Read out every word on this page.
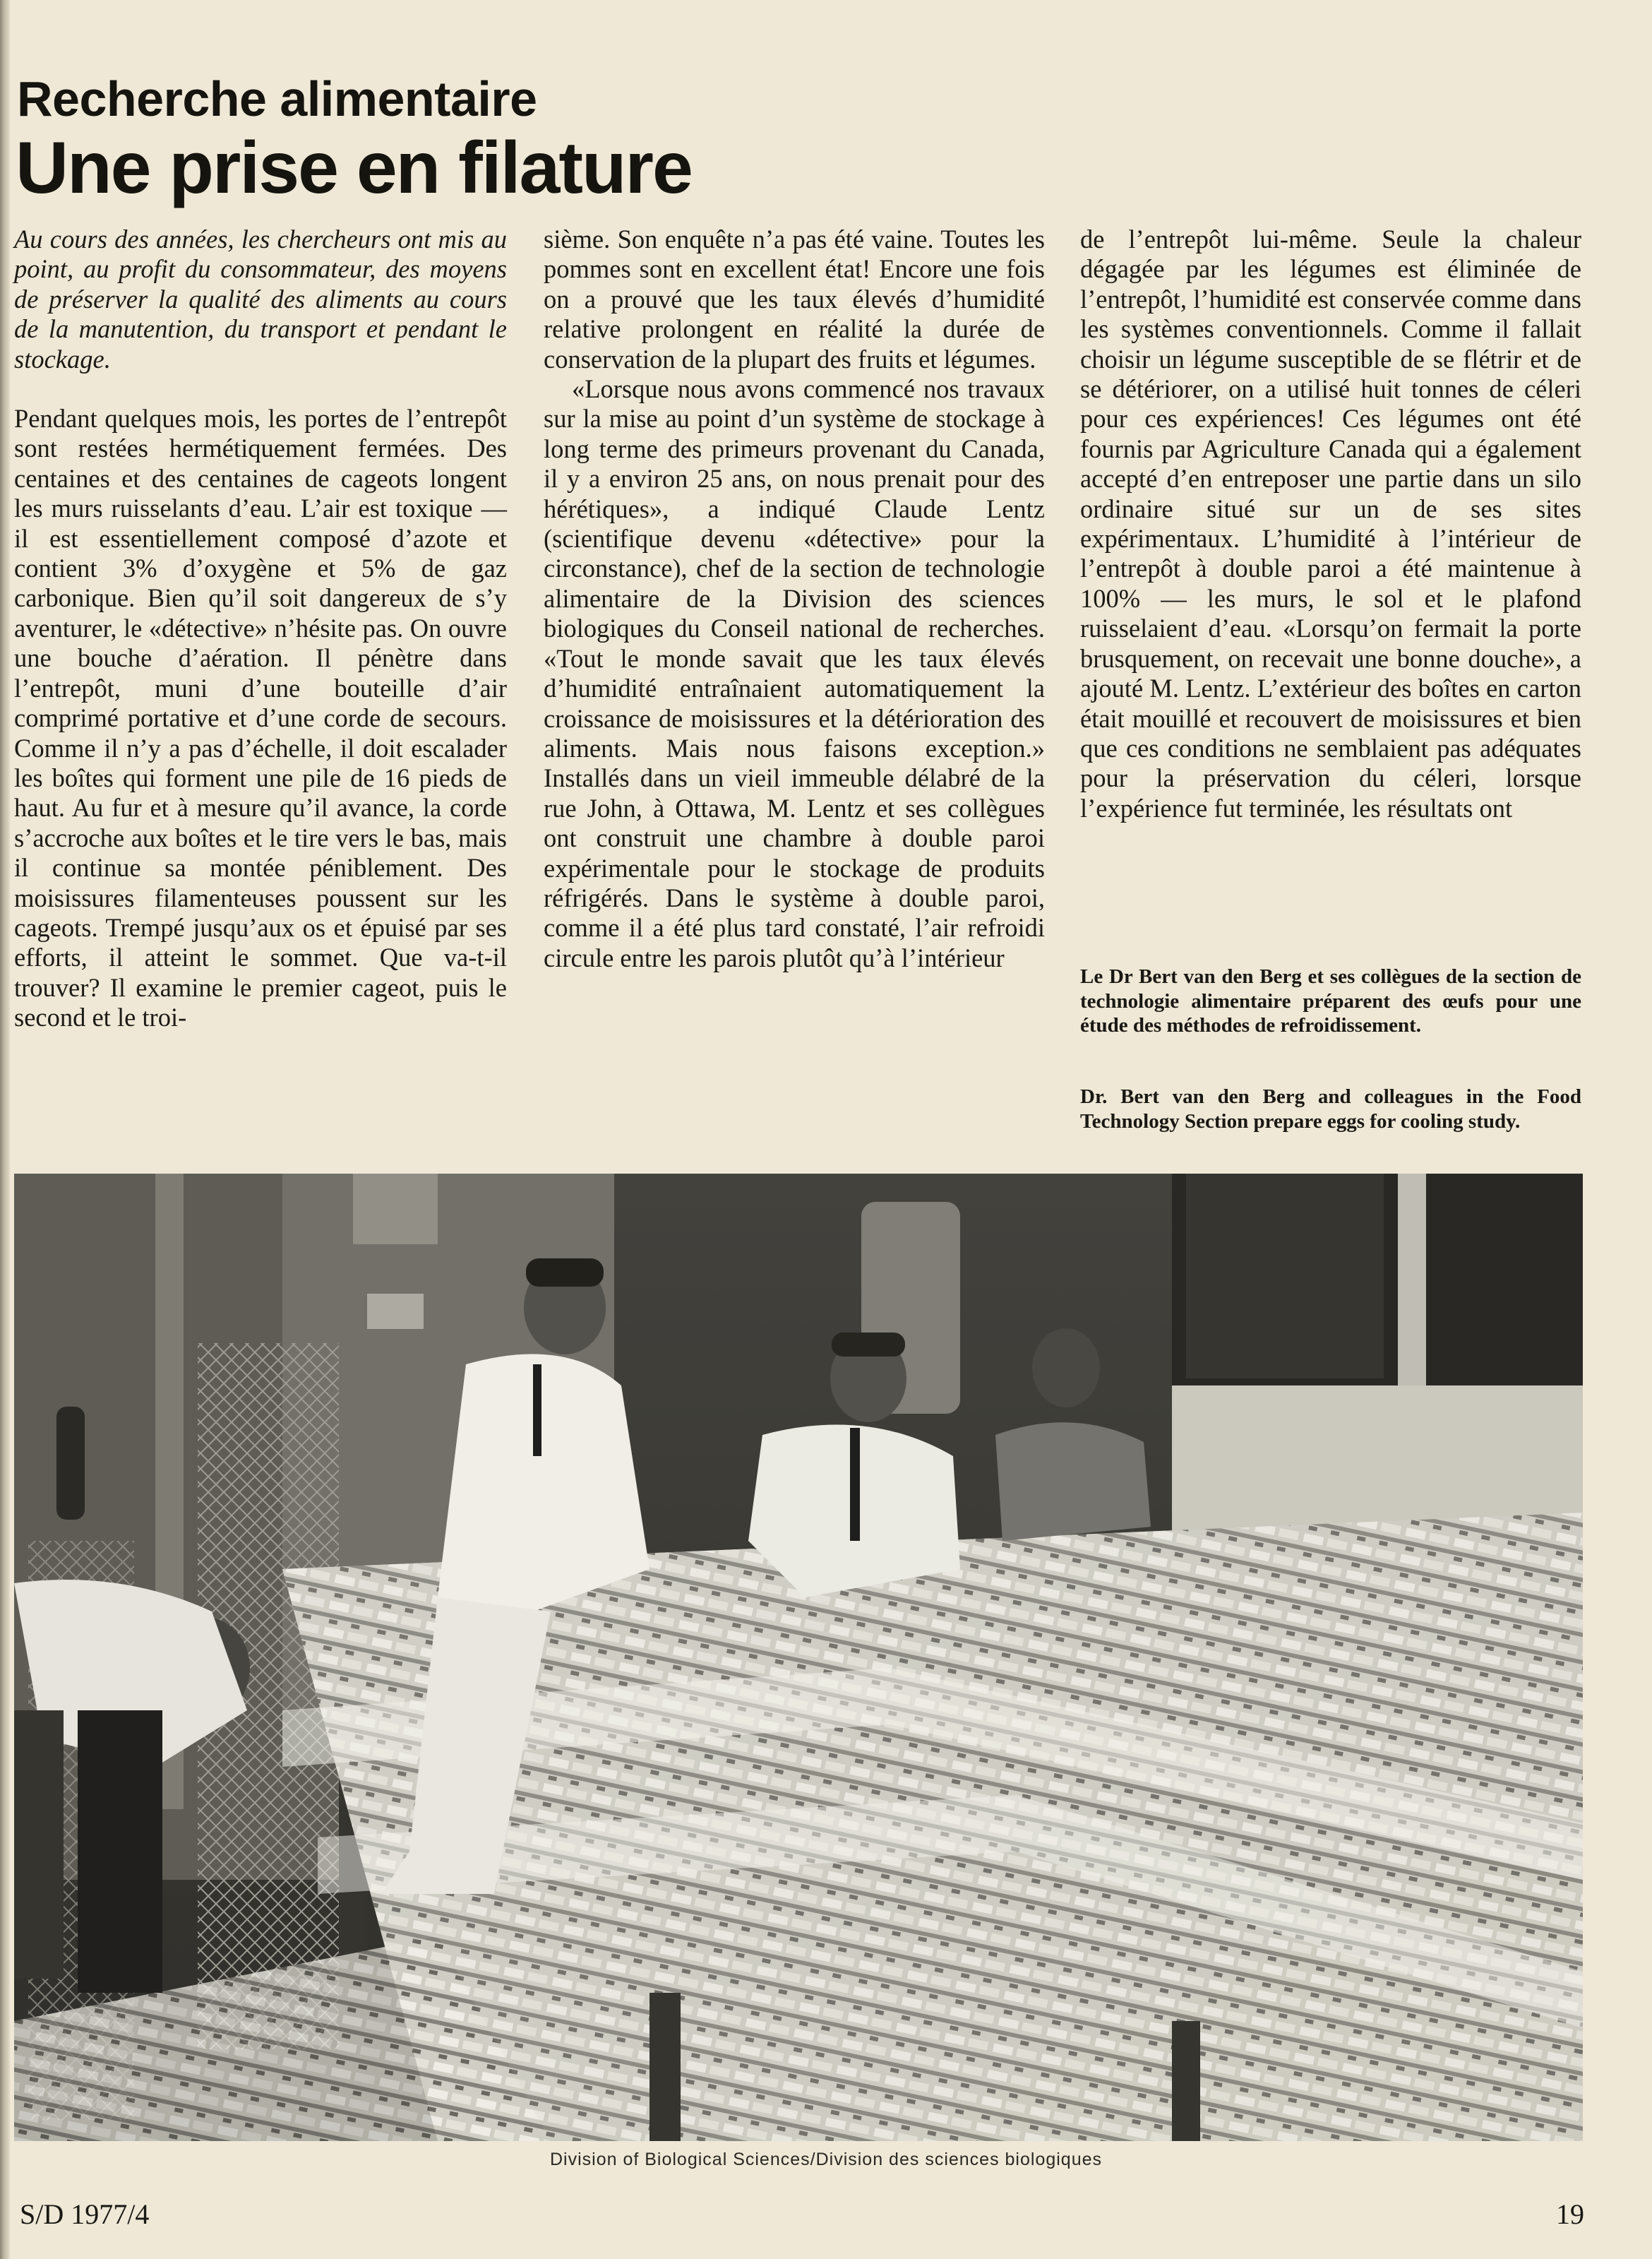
Recherche alimentaire
Une prise en filature

Au cours des années, les chercheurs ont mis au point, au profit du consommateur, des moyens de préserver la qualité des aliments au cours de la manutention, du transport et pendant le stockage.

Pendant quelques mois, les portes de l’entrepôt sont restées hermétiquement fermées. Des centaines et des centaines de cageots longent les murs ruisselants d’eau. L’air est toxique — il est essentiellement composé d’azote et contient 3% d’oxygène et 5% de gaz carbonique. Bien qu’il soit dangereux de s’y aventurer, le «détective» n’hésite pas. On ouvre une bouche d’aération. Il pénètre dans l’entrepôt, muni d’une bouteille d’air comprimé portative et d’une corde de secours. Comme il n’y a pas d’échelle, il doit escalader les boîtes qui forment une pile de 16 pieds de haut. Au fur et à mesure qu’il avance, la corde s’accroche aux boîtes et le tire vers le bas, mais il continue sa montée péniblement. Des moisissures filamenteuses poussent sur les cageots. Trempé jusqu’aux os et épuisé par ses efforts, il atteint le sommet. Que va-t-il trouver? Il examine le premier cageot, puis le second et le troi-

sième. Son enquête n’a pas été vaine. Toutes les pommes sont en excellent état! Encore une fois on a prouvé que les taux élevés d’humidité relative prolongent en réalité la durée de conservation de la plupart des fruits et légumes.

«Lorsque nous avons commencé nos travaux sur la mise au point d’un système de stockage à long terme des primeurs provenant du Canada, il y a environ 25 ans, on nous prenait pour des hérétiques», a indiqué Claude Lentz (scientifique devenu «détective» pour la circonstance), chef de la section de technologie alimentaire de la Division des sciences biologiques du Conseil national de recherches. «Tout le monde savait que les taux élevés d’humidité entraînaient automatiquement la croissance de moisissures et la détérioration des aliments. Mais nous faisons exception.» Installés dans un vieil immeuble délabré de la rue John, à Ottawa, M. Lentz et ses collègues ont construit une chambre à double paroi expérimentale pour le stockage de produits réfrigérés. Dans le système à double paroi, comme il a été plus tard constaté, l’air refroidi circule entre les parois plutôt qu’à l’intérieur

de l’entrepôt lui-même. Seule la chaleur dégagée par les légumes est éliminée de l’entrepôt, l’humidité est conservée comme dans les systèmes conventionnels. Comme il fallait choisir un légume susceptible de se flétrir et de se détériorer, on a utilisé huit tonnes de céleri pour ces expériences! Ces légumes ont été fournis par Agriculture Canada qui a également accepté d’en entreposer une partie dans un silo ordinaire situé sur un de ses sites expérimentaux. L’humidité à l’intérieur de l’entrepôt à double paroi a été maintenue à 100% — les murs, le sol et le plafond ruisselaient d’eau. «Lorsqu’on fermait la porte brusquement, on recevait une bonne douche», a ajouté M. Lentz. L’extérieur des boîtes en carton était mouillé et recouvert de moisissures et bien que ces conditions ne semblaient pas adéquates pour la préservation du céleri, lorsque l’expérience fut terminée, les résultats ont

Le Dr Bert van den Berg et ses collègues de la section de technologie alimentaire préparent des œufs pour une étude des méthodes de refroidissement.

Dr. Bert van den Berg and colleagues in the Food Technology Section prepare eggs for cooling study.

Division of Biological Sciences/Division des sciences biologiques
S/D 1977/4	19
